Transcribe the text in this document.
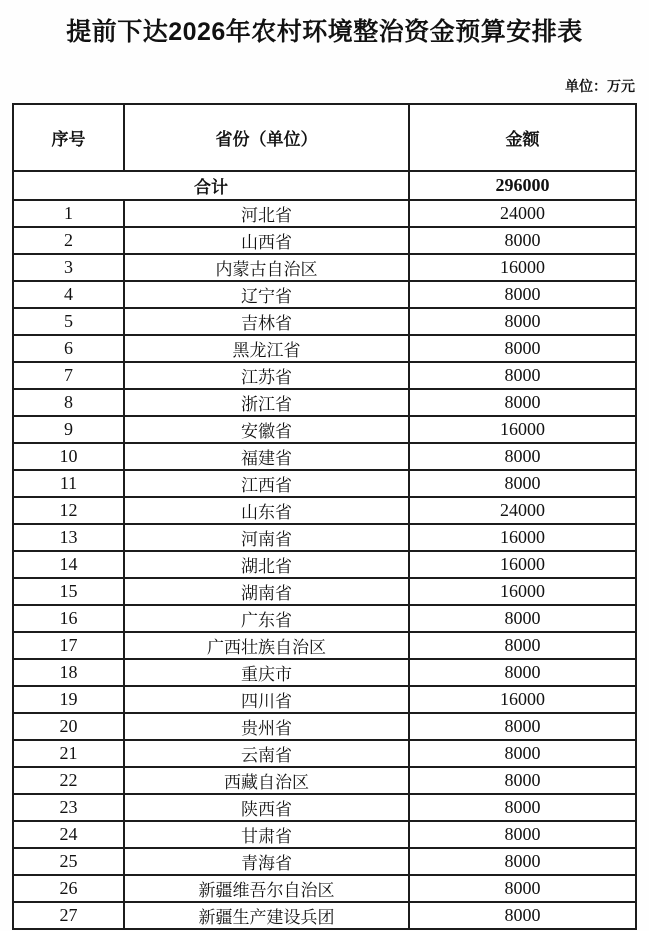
提前下达2026年农村环境整治资金预算安排表
单位：万元
序号	省份（单位）	金额
合计		296000
1	河北省	24000
2	山西省	8000
3	内蒙古自治区	16000
4	辽宁省	8000
5	吉林省	8000
6	黑龙江省	8000
7	江苏省	8000
8	浙江省	8000
9	安徽省	16000
10	福建省	8000
11	江西省	8000
12	山东省	24000
13	河南省	16000
14	湖北省	16000
15	湖南省	16000
16	广东省	8000
17	广西壮族自治区	8000
18	重庆市	8000
19	四川省	16000
20	贵州省	8000
21	云南省	8000
22	西藏自治区	8000
23	陕西省	8000
24	甘肃省	8000
25	青海省	8000
26	新疆维吾尔自治区	8000
27	新疆生产建设兵团	8000
